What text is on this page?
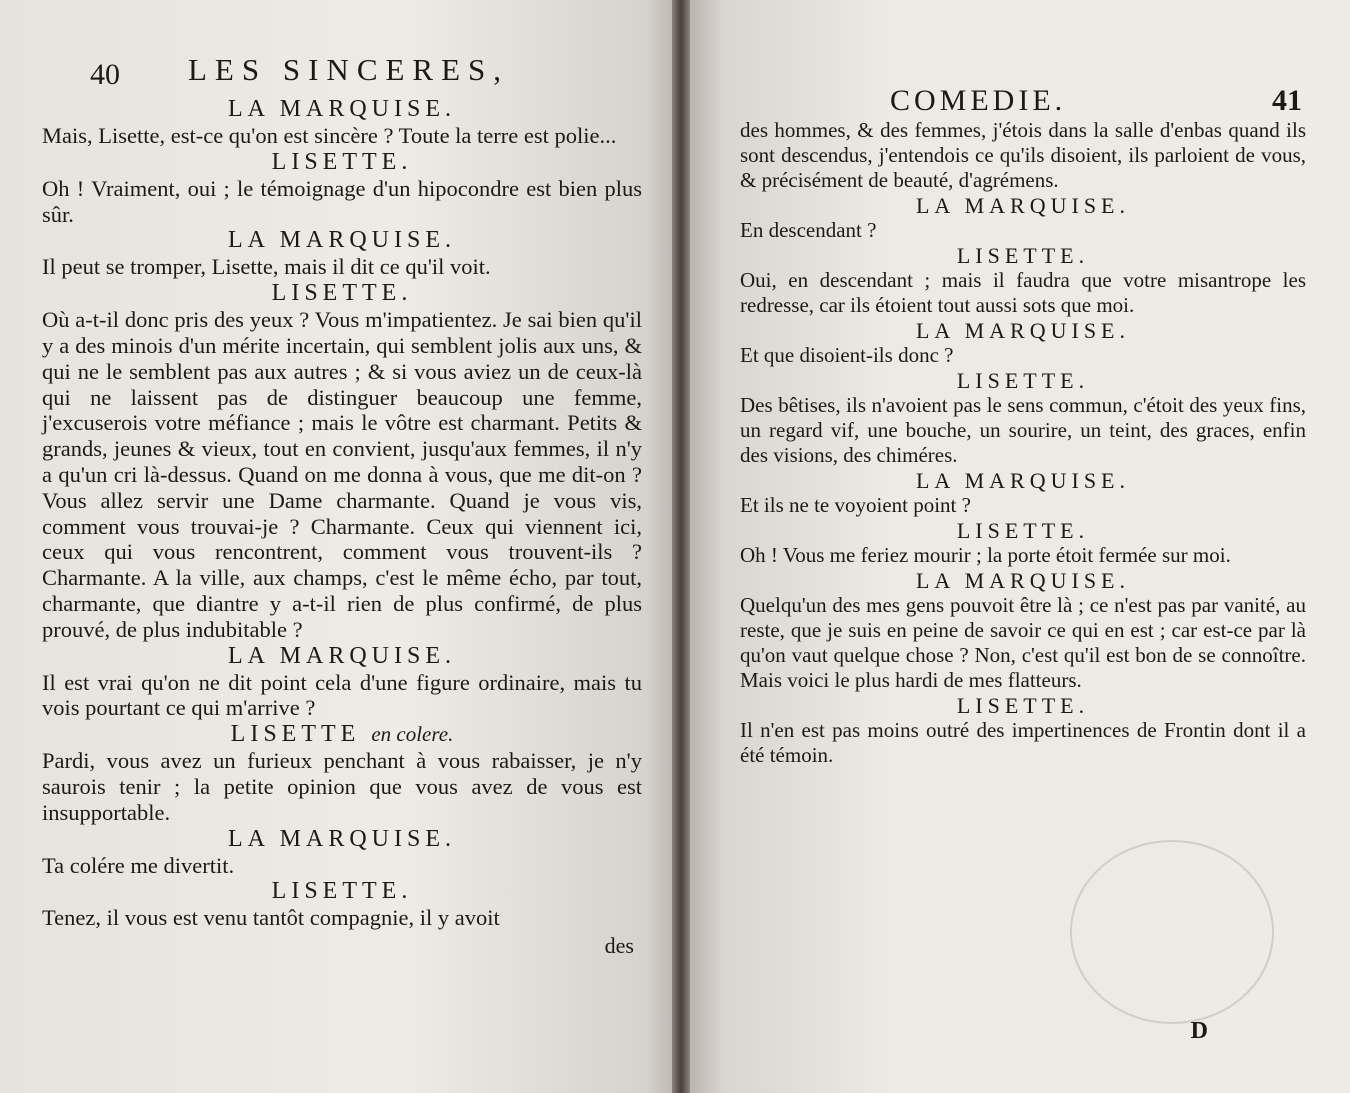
40 LES SINCERES,

LA MARQUISE.

Mais, Lisette, est-ce qu'on est sincère ? Toute la terre est polie...

LISETTE.

Oh ! Vraiment, oui ; le témoignage d'un hipocondre est bien plus sûr.

LA MARQUISE.

Il peut se tromper, Lisette, mais il dit ce qu'il voit.

LISETTE.

Où a-t-il donc pris des yeux ? Vous m'impatientez. Je sai bien qu'il y a des minois d'un mérite incertain, qui semblent jolis aux uns, & qui ne le semblent pas aux autres ; & si vous aviez un de ceux-là qui ne laissent pas de distinguer beaucoup une femme, j'excuserois votre méfiance ; mais le vôtre est charmant. Petits & grands, jeunes & vieux, tout en convient, jusqu'aux femmes, il n'y a qu'un cri là-dessus. Quand on me donna à vous, que me dit-on ? Vous allez servir une Dame charmante. Quand je vous vis, comment vous trouvai-je ? Charmante. Ceux qui viennent ici, ceux qui vous rencontrent, comment vous trouvent-ils ? Charmante. A la ville, aux champs, c'est le même écho, par tout, charmante, que diantre y a-t-il rien de plus confirmé, de plus prouvé, de plus indubitable ?

LA MARQUISE.

Il est vrai qu'on ne dit point cela d'une figure ordinaire, mais tu vois pourtant ce qui m'arrive ?

LISETTE en colere.

Pardi, vous avez un furieux penchant à vous rabaisser, je n'y saurois tenir ; la petite opinion que vous avez de vous est insupportable.

LA MARQUISE.

Ta colére me divertit.

LISETTE.

Tenez, il vous est venu tantôt compagnie, il y avoit

des
COMEDIE.	41

des hommes, & des femmes, j'étois dans la salle d'enbas quand ils sont descendus, j'entendois ce qu'ils disoient, ils parloient de vous, & précisément de beauté, d'agrémens.

LA MARQUISE.

En descendant ?

LISETTE.

Oui, en descendant ; mais il faudra que votre misantrope les redresse, car ils étoient tout aussi sots que moi.

LA MARQUISE.

Et que disoient-ils donc ?

LISETTE.

Des bêtises, ils n'avoient pas le sens commun, c'étoit des yeux fins, un regard vif, une bouche, un sourire, un teint, des graces, enfin des visions, des chiméres.

LA MARQUISE.

Et ils ne te voyoient point ?

LISETTE.

Oh ! Vous me feriez mourir ; la porte étoit fermée sur moi.

LA MARQUISE.

Quelqu'un des mes gens pouvoit être là ; ce n'est pas par vanité, au reste, que je suis en peine de savoir ce qui en est ; car est-ce par là qu'on vaut quelque chose ? Non, c'est qu'il est bon de se connoître. Mais voici le plus hardi de mes flatteurs.

LISETTE.

Il n'en est pas moins outré des impertinences de Frontin dont il a été témoin.

D
